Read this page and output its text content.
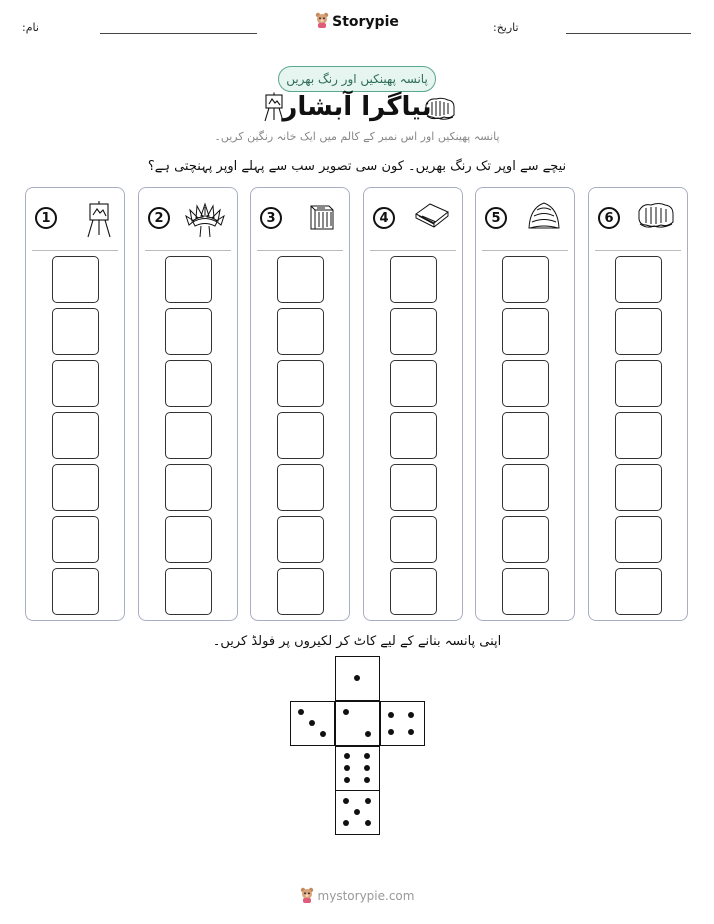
نام:	تاریخ:
Storypie
پانسہ پھینکیں اور رنگ بھریں
نیاگرا آبشار
پانسہ پھینکیں اور اس نمبر کے کالم میں ایک خانہ رنگین کریں۔
نیچے سے اوپر تک رنگ بھریں۔ کون سی تصویر سب سے پہلے اوپر پہنچتی ہے؟
1	2	3	4	5	6
اپنی پانسہ بنانے کے لیے کاٹ کر لکیروں پر فولڈ کریں۔
mystorypie.com
